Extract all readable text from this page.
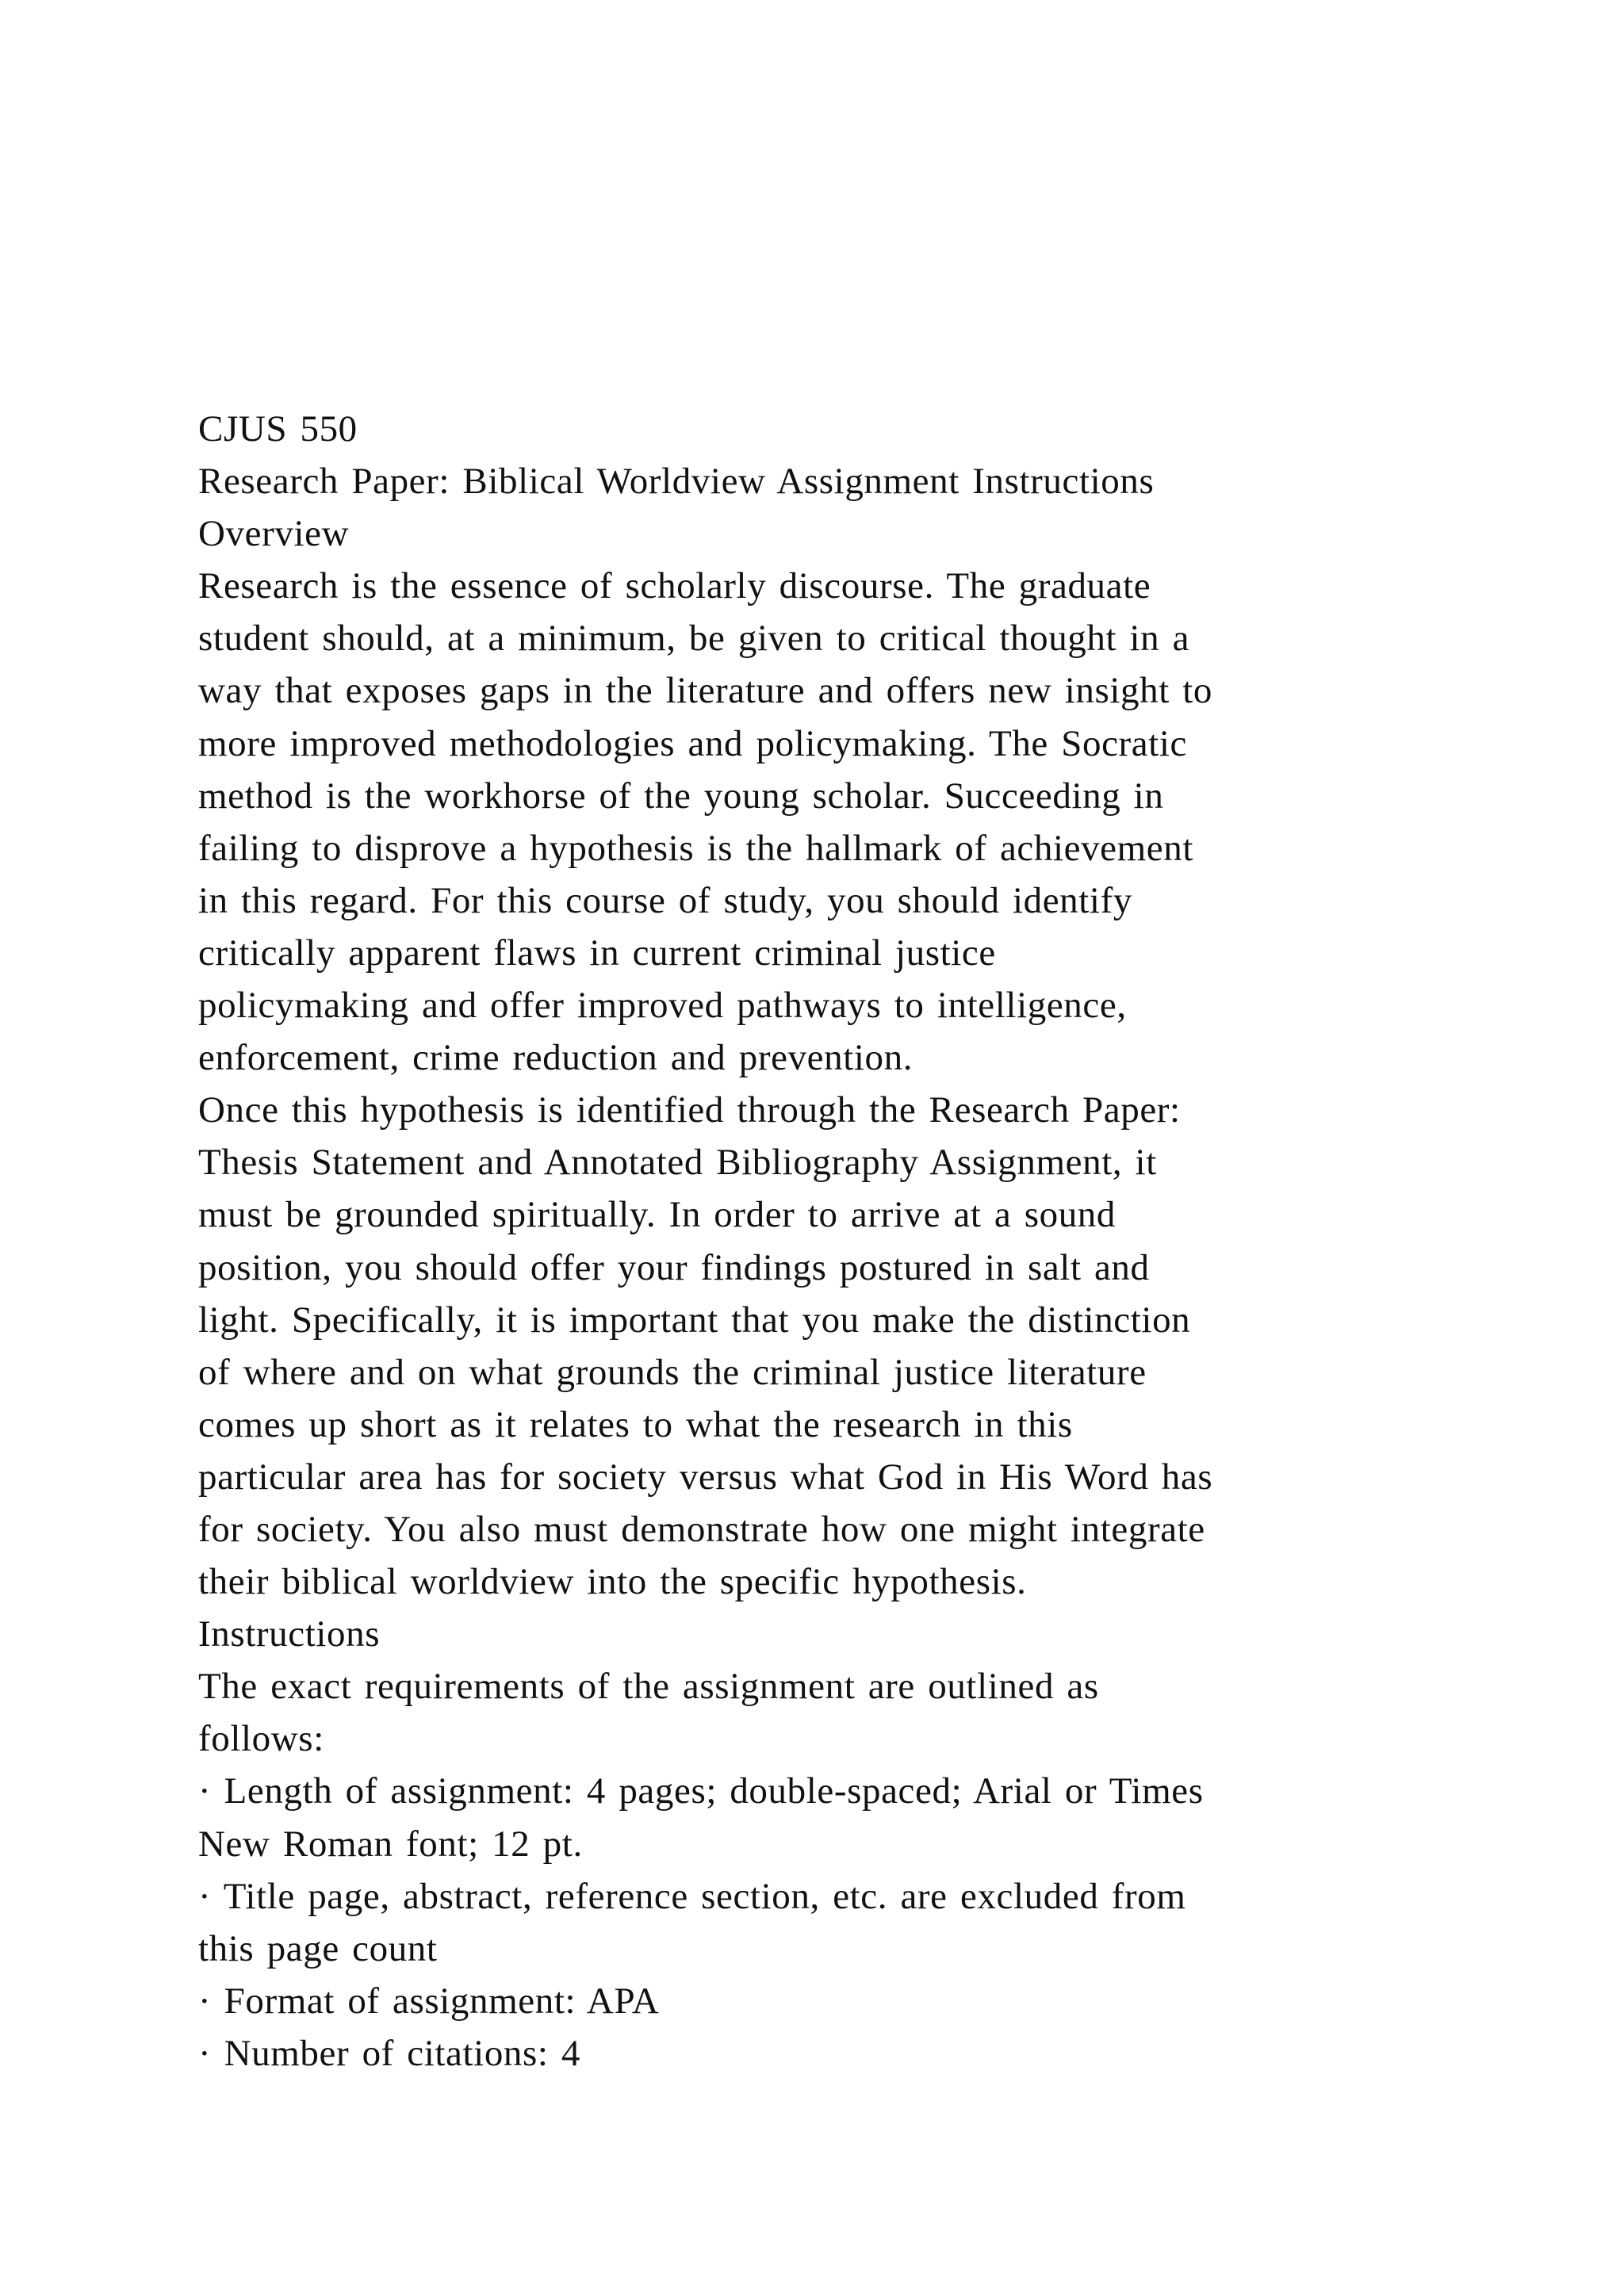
CJUS 550
Research Paper: Biblical Worldview Assignment Instructions
Overview
Research is the essence of scholarly discourse. The graduate
student should, at a minimum, be given to critical thought in a
way that exposes gaps in the literature and offers new insight to
more improved methodologies and policymaking. The Socratic
method is the workhorse of the young scholar. Succeeding in
failing to disprove a hypothesis is the hallmark of achievement
in this regard. For this course of study, you should identify
critically apparent flaws in current criminal justice
policymaking and offer improved pathways to intelligence,
enforcement, crime reduction and prevention.
Once this hypothesis is identified through the Research Paper:
Thesis Statement and Annotated Bibliography Assignment, it
must be grounded spiritually. In order to arrive at a sound
position, you should offer your findings postured in salt and
light. Specifically, it is important that you make the distinction
of where and on what grounds the criminal justice literature
comes up short as it relates to what the research in this
particular area has for society versus what God in His Word has
for society. You also must demonstrate how one might integrate
their biblical worldview into the specific hypothesis.
Instructions
The exact requirements of the assignment are outlined as
follows:
· Length of assignment: 4 pages; double-spaced; Arial or Times
New Roman font; 12 pt.
· Title page, abstract, reference section, etc. are excluded from
this page count
· Format of assignment: APA
· Number of citations: 4
